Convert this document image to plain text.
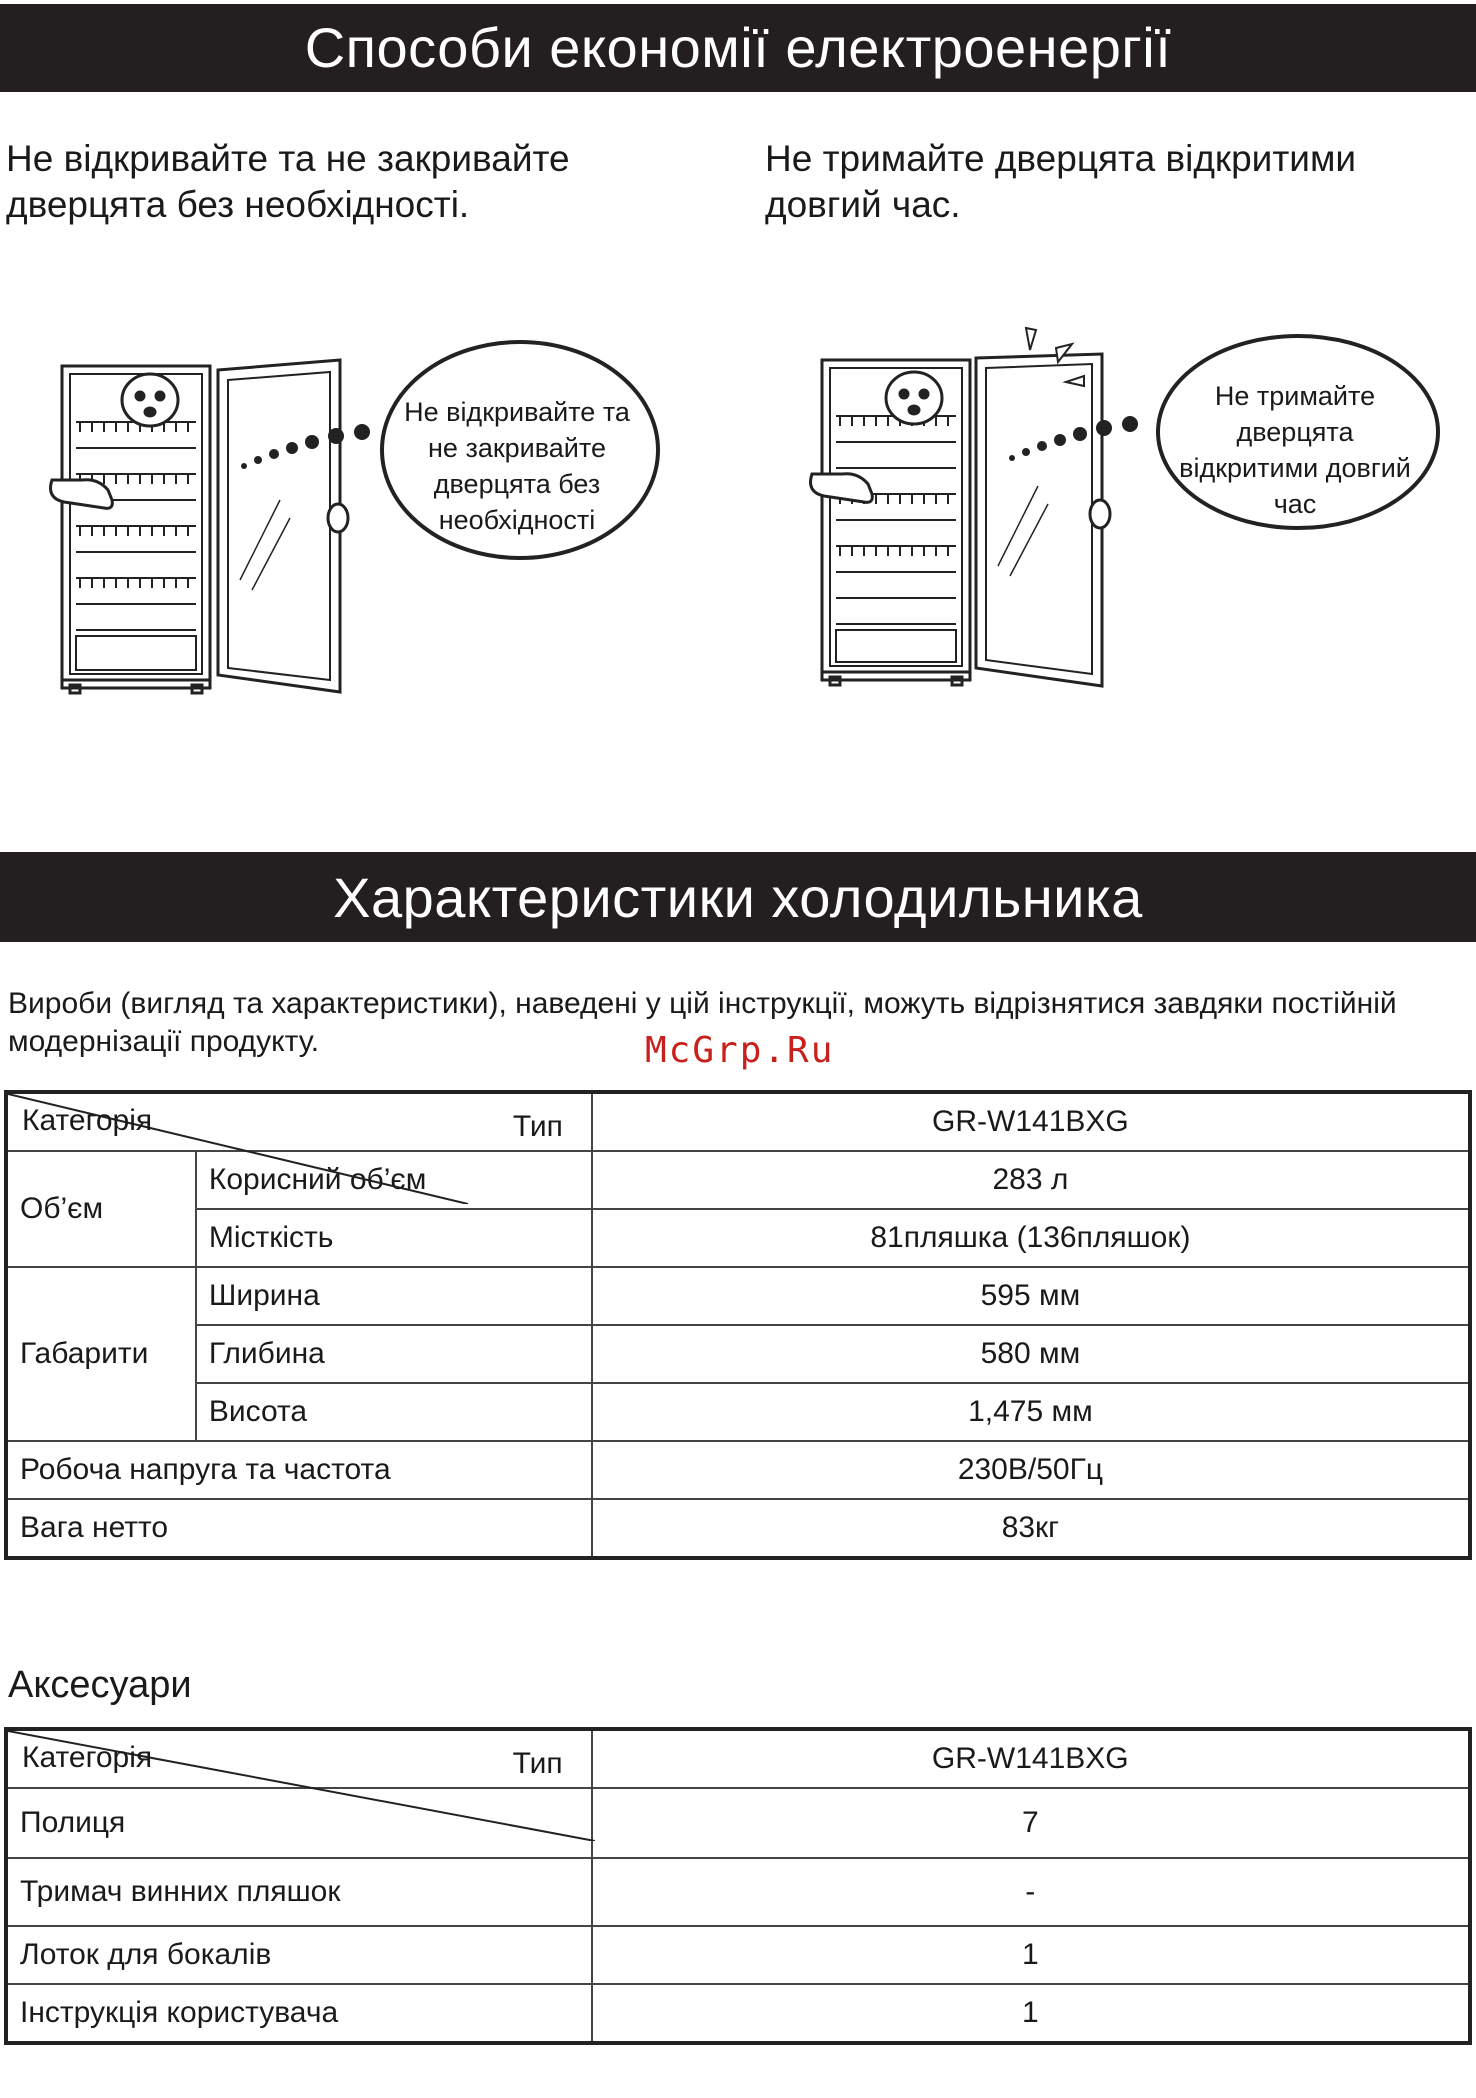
Способи економії електроенергії
Не відкривайте та не закривайте дверцята без необхідності.
Не тримайте дверцята відкритими довгий час.
Не відкривайте та не закривайте дверцята без необхідності
Не тримайте дверцята відкритими довгий час
Характеристики холодильника
Вироби (вигляд та характеристики), наведені у цій інструкції, можуть відрізнятися завдяки постійній модернізації продукту.	McGrp.Ru
Тип
Категорія		GR-W141BXG
Об’єм	Корисний об’єм	283 л
	Місткість	81пляшка (136пляшок)
Габарити	Ширина	595 мм
	Глибина	580 мм
	Висота	1,475 мм
Робоча напруга та частота		230В/50Гц
Вага нетто		83кг
Аксесуари
Тип
Категорія	GR-W141BXG
Полиця	7
Тримач винних пляшок	-
Лоток для бокалів	1
Інструкція користувача	1
